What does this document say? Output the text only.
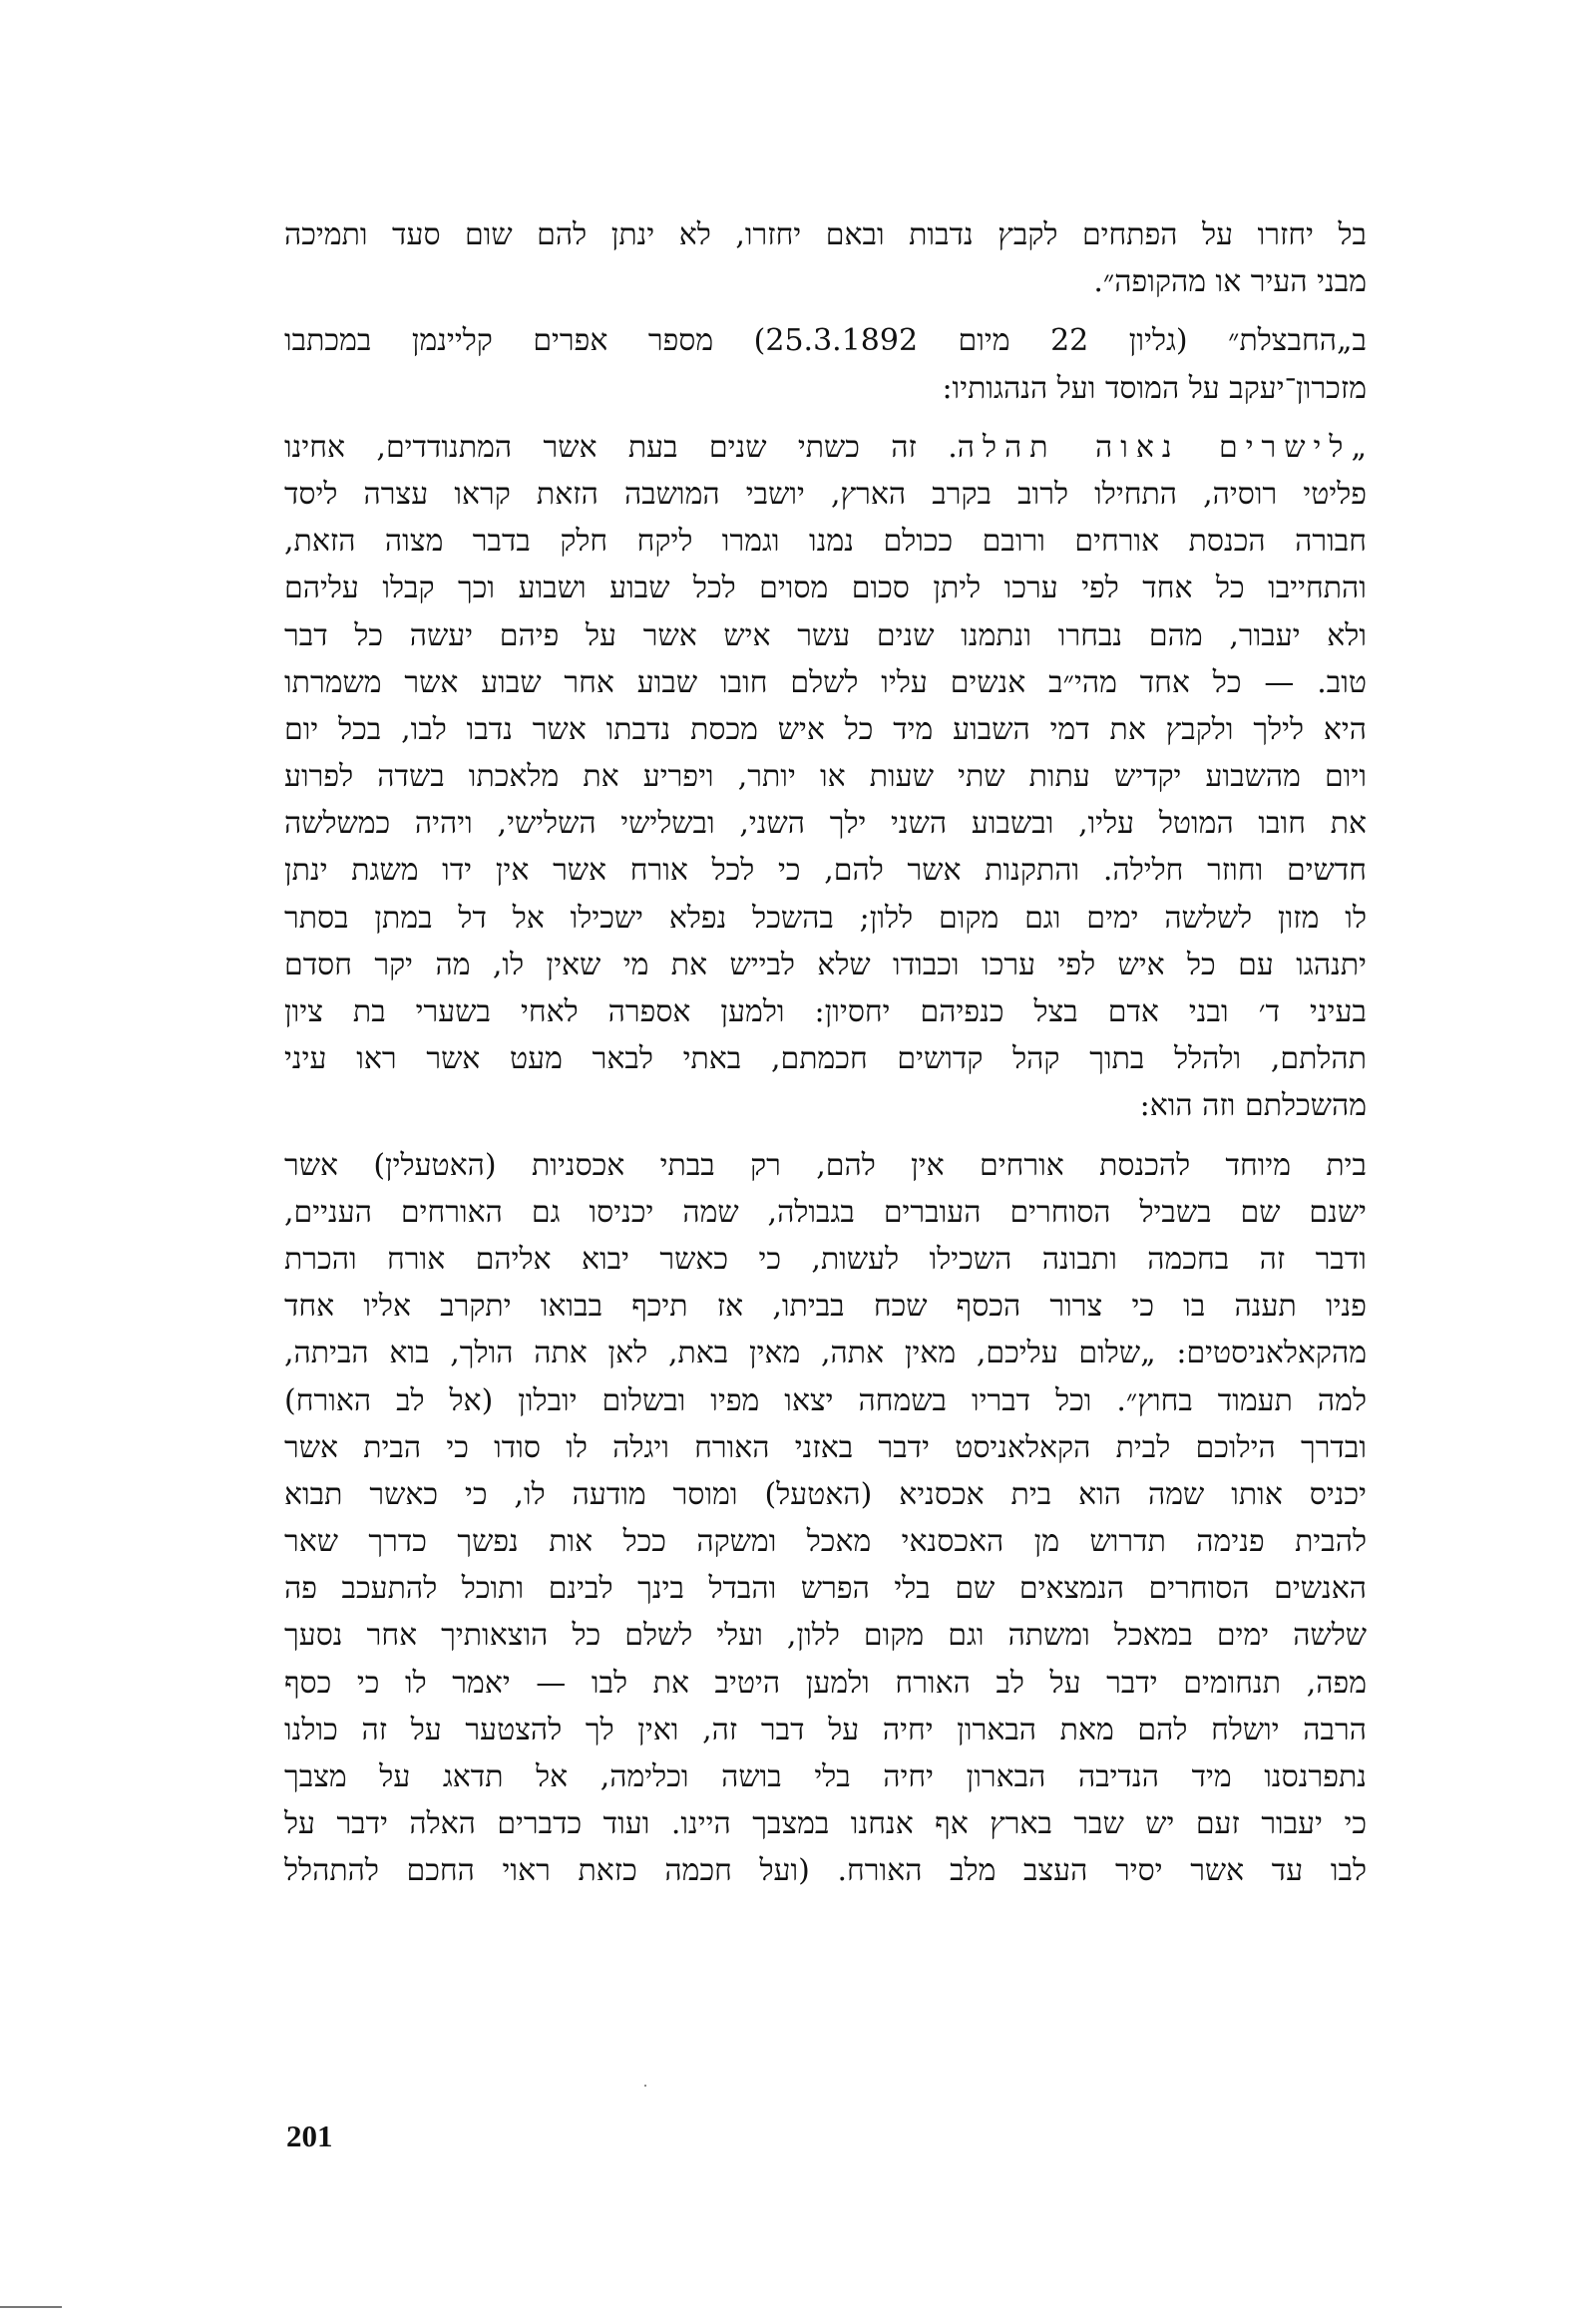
בל יחזרו על הפתחים לקבץ נדבות ובאם יחזרו, לא ינתן להם שום סעד ותמיכה
מבני העיר או מהקופה״.
ב„החבצלת״ (גליון 22 מיום 25.3.1892) מספר אפרים קליינמן במכתבו
מזכרון־יעקב על המוסד ועל הנהגותיו:
„לישרים נאוה תהלה. זה כשתי שנים בעת אשר המתנודדים, אחינו
פליטי רוסיה, התחילו לרוב בקרב הארץ, יושבי המושבה הזאת קראו עצרה ליסד
חבורה הכנסת אורחים ורובם ככולם נמנו וגמרו ליקח חלק בדבר מצוה הזאת,
והתחייבו כל אחד לפי ערכו ליתן סכום מסוים לכל שבוע ושבוע וכך קבלו עליהם
ולא יעבור, מהם נבחרו ונתמנו שנים עשר איש אשר על פיהם יעשה כל דבר
טוב. — כל אחד מהי״ב אנשים עליו לשלם חובו שבוע אחר שבוע אשר משמרתו
היא לילך ולקבץ את דמי השבוע מיד כל איש מכסת נדבתו אשר נדבו לבו, בכל יום
ויום מהשבוע יקדיש עתות שתי שעות או יותר, ויפריע את מלאכתו בשדה לפרוע
את חובו המוטל עליו, ובשבוע השני ילך השני, ובשלישי השלישי, ויהיה כמשלשה
חדשים וחוזר חלילה. והתקנות אשר להם, כי לכל אורח אשר אין ידו משגת ינתן
לו מזון לשלשה ימים וגם מקום ללון; בהשכל נפלא ישכילו אל דל במתן בסתר
יתנהגו עם כל איש לפי ערכו וכבודו שלא לבייש את מי שאין לו, מה יקר חסדם
בעיני ד׳ ובני אדם בצל כנפיהם יחסיון: ולמען אספרה לאחי בשערי בת ציון
תהלתם, ולהלל בתוך קהל קדושים חכמתם, באתי לבאר מעט אשר ראו עיני
מהשכלתם וזה הוא:
בית מיוחד להכנסת אורחים אין להם, רק בבתי אכסניות (האטעלין) אשר
ישנם שם בשביל הסוחרים העוברים בגבולה, שמה יכניסו גם האורחים העניים,
ודבר זה בחכמה ותבונה השכילו לעשות, כי כאשר יבוא אליהם אורח והכרת
פניו תענה בו כי צרור הכסף שכח בביתו, אז תיכף בבואו יתקרב אליו אחד
מהקאלאניסטים: „שלום עליכם, מאין אתה, מאין באת, לאן אתה הולך, בוא הביתה,
למה תעמוד בחוץ״. וכל דבריו בשמחה יצאו מפיו ובשלום יובלון (אל לב האורח)
ובדרך הילוכם לבית הקאלאניסט ידבר באזני האורח ויגלה לו סודו כי הבית אשר
יכניס אותו שמה הוא בית אכסניא (האטעל) ומוסר מודעה לו, כי כאשר תבוא
להבית פנימה תדרוש מן האכסנאי מאכל ומשקה ככל אות נפשך כדרך שאר
האנשים הסוחרים הנמצאים שם בלי הפרש והבדל בינך לבינם ותוכל להתעכב פה
שלשה ימים במאכל ומשתה וגם מקום ללון, ועלי לשלם כל הוצאותיך אחר נסעך
מפה, תנחומים ידבר על לב האורח ולמען היטיב את לבו — יאמר לו כי כסף
הרבה יושלח להם מאת הבארון יחיה על דבר זה, ואין לך להצטער על זה כולנו
נתפרנסנו מיד הנדיבה הבארון יחיה בלי בושה וכלימה, אל תדאג על מצבך
כי יעבור זעם יש שבר בארץ אף אנחנו במצבך היינו. ועוד כדברים האלה ידבר על
לבו עד אשר יסיר העצב מלב האורח. (ועל חכמה כזאת ראוי החכם להתהלל
201
